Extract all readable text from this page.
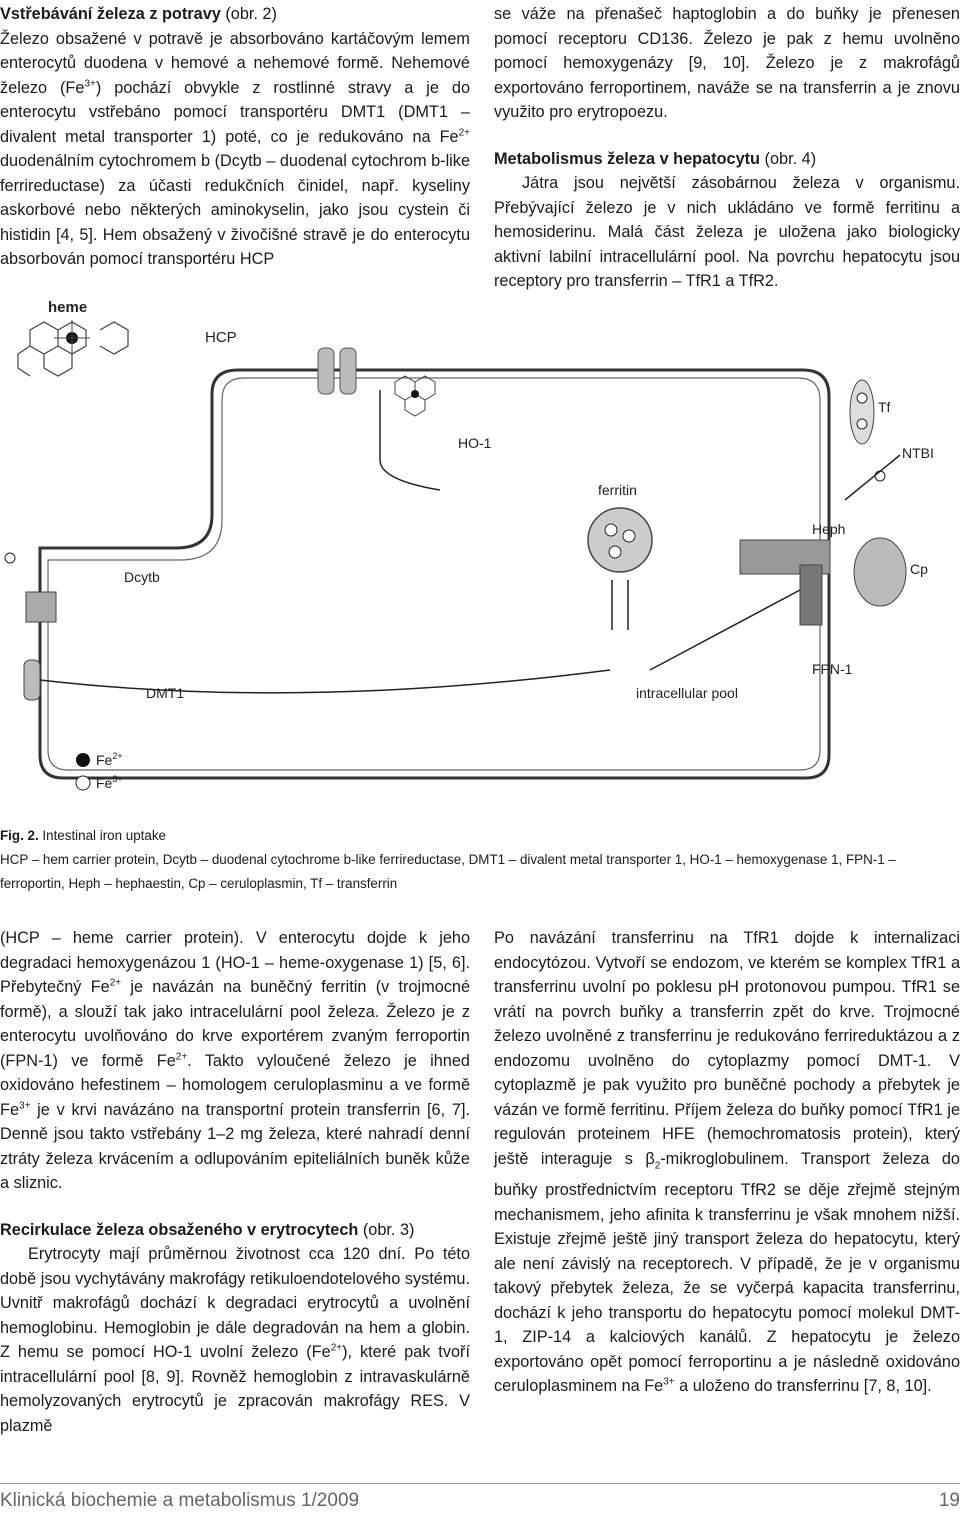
Vstřebávání železa z potravy (obr. 2)
Železo obsažené v potravě je absorbováno kartáčovým lemem enterocytů duodena v hemové a nehemové formě. Nehemové železo $(Fe^{3+})$ pochází obvykle z rostlinné stravy a je do enterocytu vstřebáno pomocí transportéru DMT1 (DMT1 – divalent metal transporter 1) poté, co je redukováno na $Fe^{2+}$ duodenálním cytochromem b (Dcytb – duodenal cytochrom b-like ferrireductase) za účasti redukčních činidel, např. kyseliny askorbové nebo některých aminokyselin, jako jsou cystein či histidin [4, 5]. Hem obsažený v živočišné stravě je do enterocytu absorbován pomocí transportéru HCP

se váže na přenašeč haptoglobin a do buňky je přenesen pomocí receptoru CD136. Železo je pak z hemu uvolněno pomocí hemoxygenázy [9, 10]. Železo je z makrofágů exportováno ferroportinem, naváže se na transferrin a je znovu využito pro erytropoezu.

Metabolismus železa v hepatocytu (obr. 4)

Játra jsou největší zásobárnou železa v organismu. Přebývající železo je v nich ukládáno ve formě ferritinu a hemosiderinu. Malá část železa je uložena jako biologicky aktivní labilní intracellulární pool. Na povrchu hepatocytu jsou receptory pro transferrin – TfR1 a TfR2.

heme
HCP
HO-1
Tf
NTBI
ferritin
intracellular pool
Heph
Cp
FPN-1
Dcytb
DMT1
$Fe^{2+}$
$Fe^{3+}$

Fig. 2. Intestinal iron uptake

HCP – hem carrier protein, Dcytb – duodenal cytochrome b-like ferrireductase, DMT1 – divalent metal transporter 1, HO-1 – hemoxygenase 1, FPN-1 – ferroportin, Heph – hephaestin, Cp – ceruloplasmin, Tf – transferrin

(HCP – heme carrier protein). V enterocytu dojde k jeho degradaci hemoxygenázou 1 (HO-1 – heme-oxygenase 1) [5, 6]. Přebytečný $Fe^{2+}$ je navázán na buněčný ferritin (v trojmocné formě), a slouží tak jako intracelulární pool železa. Železo je z enterocytu uvolňováno do krve exportérem zvaným ferroportin (FPN-1) ve formě $Fe^{2+}$. Takto vyloučené železo je ihned oxidováno hefestinem – homologem ceruloplasminu a ve formě $Fe^{3+}$ je v krvi navázáno na transportní protein transferrin [6, 7]. Denně jsou takto vstřebány 1–2 mg železa, které nahradí denní ztráty železa krvácením a odlupováním epiteliálních buněk kůže a sliznic.

Recirkulace železa obsaženého v erytrocytech (obr. 3)

Erytrocyty mají průměrnou životnost cca 120 dní. Po této době jsou vychytávány makrofágy retikuloendotelového systému. Uvnitř makrofágů dochází k degradaci erytrocytů a uvolnění hemoglobinu. Hemoglobin je dále degradován na hem a globin. Z hemu se pomocí HO-1 uvolní železo $(Fe^{2+})$, které pak tvoří intracellulární pool [8, 9]. Rovněž hemoglobin z intravaskulárně hemolyzovaných erytrocytů je zpracován makrofágy RES. V plazmě

Po navázání transferrinu na TfR1 dojde k internalizaci endocytózou. Vytvoří se endozom, ve kterém se komplex TfR1 a transferrinu uvolní po poklesu pH protonovou pumpou. TfR1 se vrátí na povrch buňky a transferrin zpět do krve. Trojmocné železo uvolněné z transferrinu je redukováno ferrireduktázou a z endozomu uvolněno do cytoplazmy pomocí DMT-1. V cytoplazmě je pak využito pro buněčné pochody a přebytek je vázán ve formě ferritinu. Příjem železa do buňky pomocí TfR1 je regulován proteinem HFE (hemochromatosis protein), který ještě interaguje s $\beta_2$-mikroglobulinem. Transport železa do buňky prostřednictvím receptoru TfR2 se děje zřejmě stejným mechanismem, jeho afinita k transferrinu je však mnohem nižší. Existuje zřejmě ještě jiný transport železa do hepatocytu, který ale není závislý na receptorech. V případě, že je v organismu takový přebytek železa, že se vyčerpá kapacita transferrinu, dochází k jeho transportu do hepatocytu pomocí molekul DMT-1, ZIP-14 a kalciových kanálů. Z hepatocytu je železo exportováno opět pomocí ferroportinu a je následně oxidováno ceruloplasminem na $Fe^{3+}$ a uloženo do transferrinu [7, 8, 10].

Klinická biochemie a metabolismus 1/2009	19
